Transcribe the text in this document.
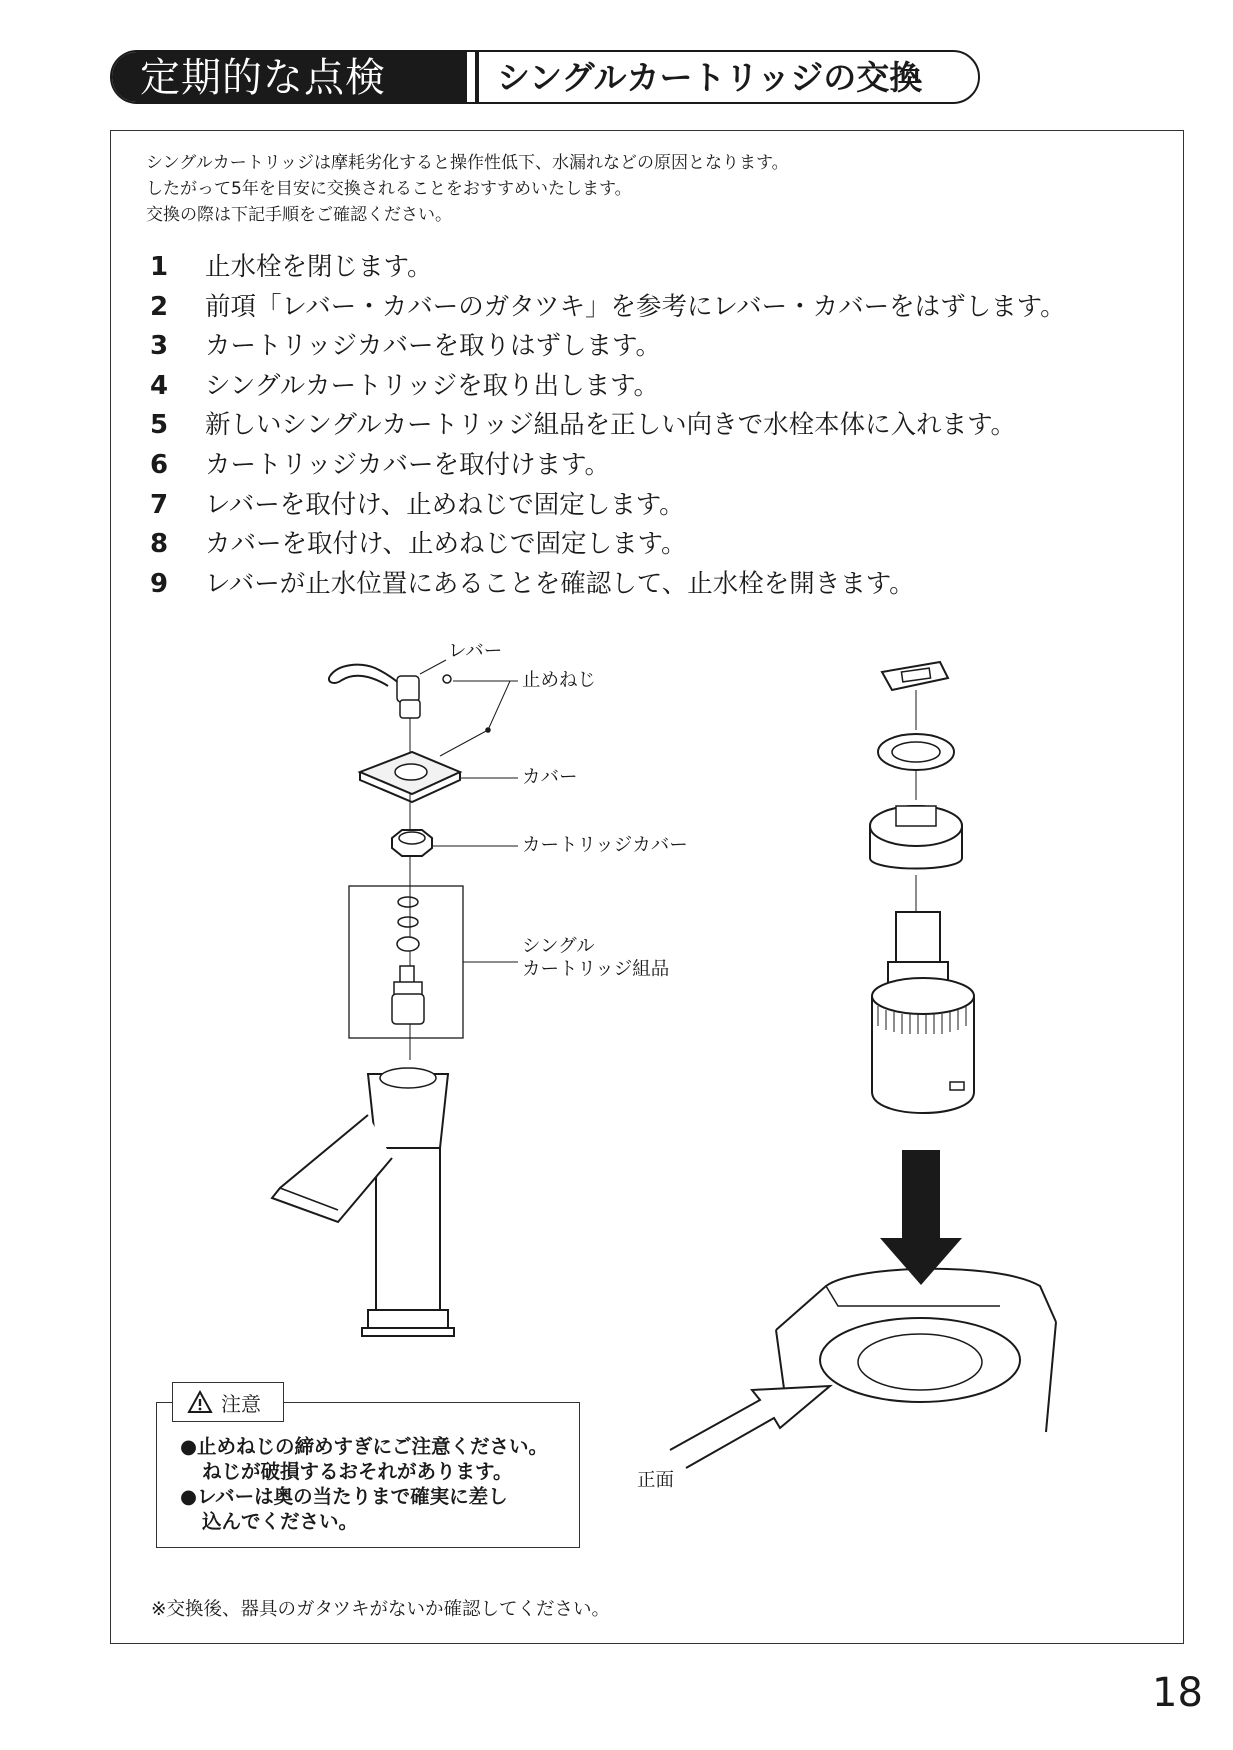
定期的な点検	シングルカートリッジの交換

シングルカートリッジは摩耗劣化すると操作性低下、水漏れなどの原因となります。

したがって5年を目安に交換されることをおすすめいたします。

交換の際は下記手順をご確認ください。

1	止水栓を閉じます。
2	前項「レバー・カバーのガタツキ」を参考にレバー・カバーをはずします。
3	カートリッジカバーを取りはずします。
4	シングルカートリッジを取り出します。
5	新しいシングルカートリッジ組品を正しい向きで水栓本体に入れます。
6	カートリッジカバーを取付けます。
7	レバーを取付け、止めねじで固定します。
8	カバーを取付け、止めねじで固定します。
9	レバーが止水位置にあることを確認して、止水栓を開きます。
レバー
止めねじ
カバー
カートリッジカバー
シングル
カートリッジ組品
正面
注意

●止めねじの締めすぎにご注意ください。

ねじが破損するおそれがあります。

●レバーは奥の当たりまで確実に差し

込んでください。

※交換後、器具のガタツキがないか確認してください。
18
